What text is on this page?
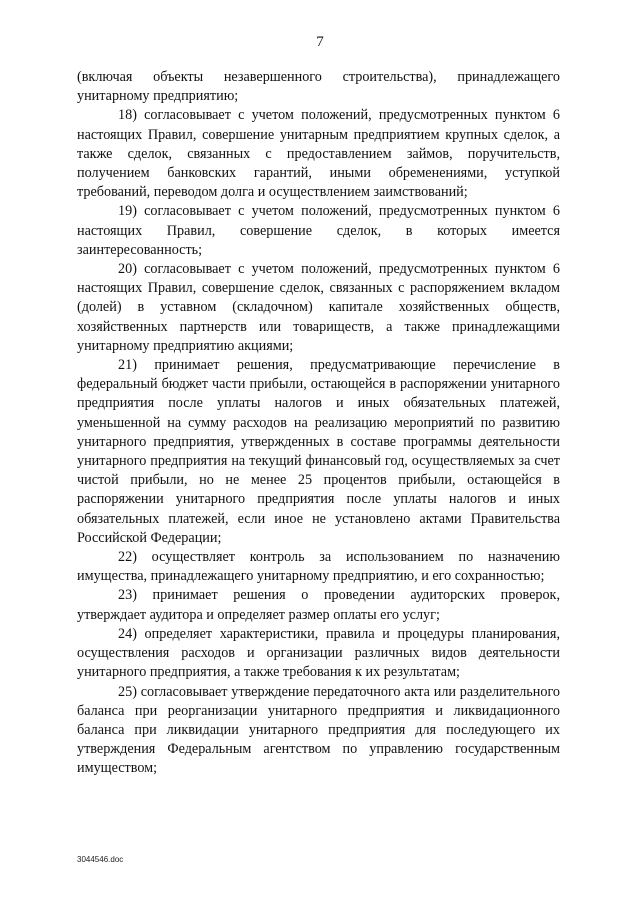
7

(включая объекты незавершенного строительства), принадлежащего унитарному предприятию;

18) согласовывает с учетом положений, предусмотренных пунктом 6 настоящих Правил, совершение унитарным предприятием крупных сделок, а также сделок, связанных с предоставлением займов, поручительств, получением банковских гарантий, иными обременениями, уступкой требований, переводом долга и осуществлением заимствований;

19) согласовывает с учетом положений, предусмотренных пунктом 6 настоящих Правил, совершение сделок, в которых имеется заинтересованность;

20) согласовывает с учетом положений, предусмотренных пунктом 6 настоящих Правил, совершение сделок, связанных с распоряжением вкладом (долей) в уставном (складочном) капитале хозяйственных обществ, хозяйственных партнерств или товариществ, а также принадлежащими унитарному предприятию акциями;

21) принимает решения, предусматривающие перечисление в федеральный бюджет части прибыли, остающейся в распоряжении унитарного предприятия после уплаты налогов и иных обязательных платежей, уменьшенной на сумму расходов на реализацию мероприятий по развитию унитарного предприятия, утвержденных в составе программы деятельности унитарного предприятия на текущий финансовый год, осуществляемых за счет чистой прибыли, но не менее 25 процентов прибыли, остающейся в распоряжении унитарного предприятия после уплаты налогов и иных обязательных платежей, если иное не установлено актами Правительства Российской Федерации;

22) осуществляет контроль за использованием по назначению имущества, принадлежащего унитарному предприятию, и его сохранностью;

23) принимает решения о проведении аудиторских проверок, утверждает аудитора и определяет размер оплаты его услуг;

24) определяет характеристики, правила и процедуры планирования, осуществления расходов и организации различных видов деятельности унитарного предприятия, а также требования к их результатам;

25) согласовывает утверждение передаточного акта или разделительного баланса при реорганизации унитарного предприятия и ликвидационного баланса при ликвидации унитарного предприятия для последующего их утверждения Федеральным агентством по управлению государственным имуществом;

3044546.doc
